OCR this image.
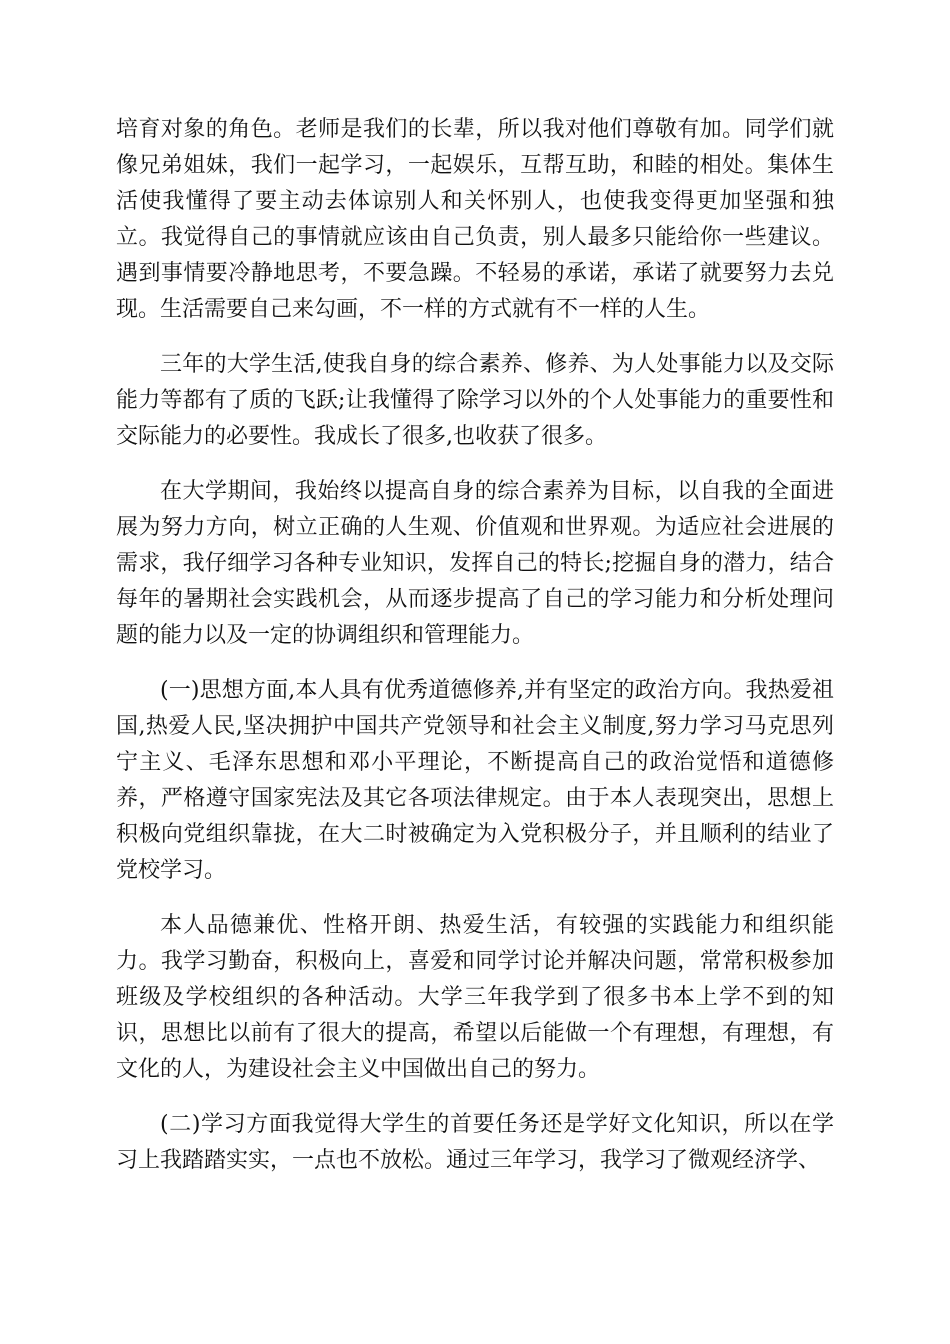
培育对象的角色。老师是我们的长辈，所以我对他们尊敬有加。同学们就像兄弟姐妹，我们一起学习，一起娱乐，互帮互助，和睦的相处。集体生活使我懂得了要主动去体谅别人和关怀别人，也使我变得更加坚强和独立。我觉得自己的事情就应该由自己负责，别人最多只能给你一些建议。遇到事情要冷静地思考，不要急躁。不轻易的承诺，承诺了就要努力去兑现。生活需要自己来勾画，不一样的方式就有不一样的人生。

三年的大学生活,使我自身的综合素养、修养、为人处事能力以及交际能力等都有了质的飞跃;让我懂得了除学习以外的个人处事能力的重要性和交际能力的必要性。我成长了很多,也收获了很多。

在大学期间，我始终以提高自身的综合素养为目标，以自我的全面进展为努力方向，树立正确的人生观、价值观和世界观。为适应社会进展的需求，我仔细学习各种专业知识，发挥自己的特长;挖掘自身的潜力，结合每年的暑期社会实践机会，从而逐步提高了自己的学习能力和分析处理问题的能力以及一定的协调组织和管理能力。

(一)思想方面,本人具有优秀道德修养,并有坚定的政治方向。我热爱祖国,热爱人民,坚决拥护中国共产党领导和社会主义制度,努力学习马克思列宁主义、毛泽东思想和邓小平理论，不断提高自己的政治觉悟和道德修养，严格遵守国家宪法及其它各项法律规定。由于本人表现突出，思想上积极向党组织靠拢，在大二时被确定为入党积极分子，并且顺利的结业了党校学习。

本人品德兼优、性格开朗、热爱生活，有较强的实践能力和组织能力。我学习勤奋，积极向上，喜爱和同学讨论并解决问题，常常积极参加班级及学校组织的各种活动。大学三年我学到了很多书本上学不到的知识，思想比以前有了很大的提高，希望以后能做一个有理想，有理想，有文化的人，为建设社会主义中国做出自己的努力。

(二)学习方面我觉得大学生的首要任务还是学好文化知识，所以在学习上我踏踏实实，一点也不放松。通过三年学习，我学习了微观经济学、
